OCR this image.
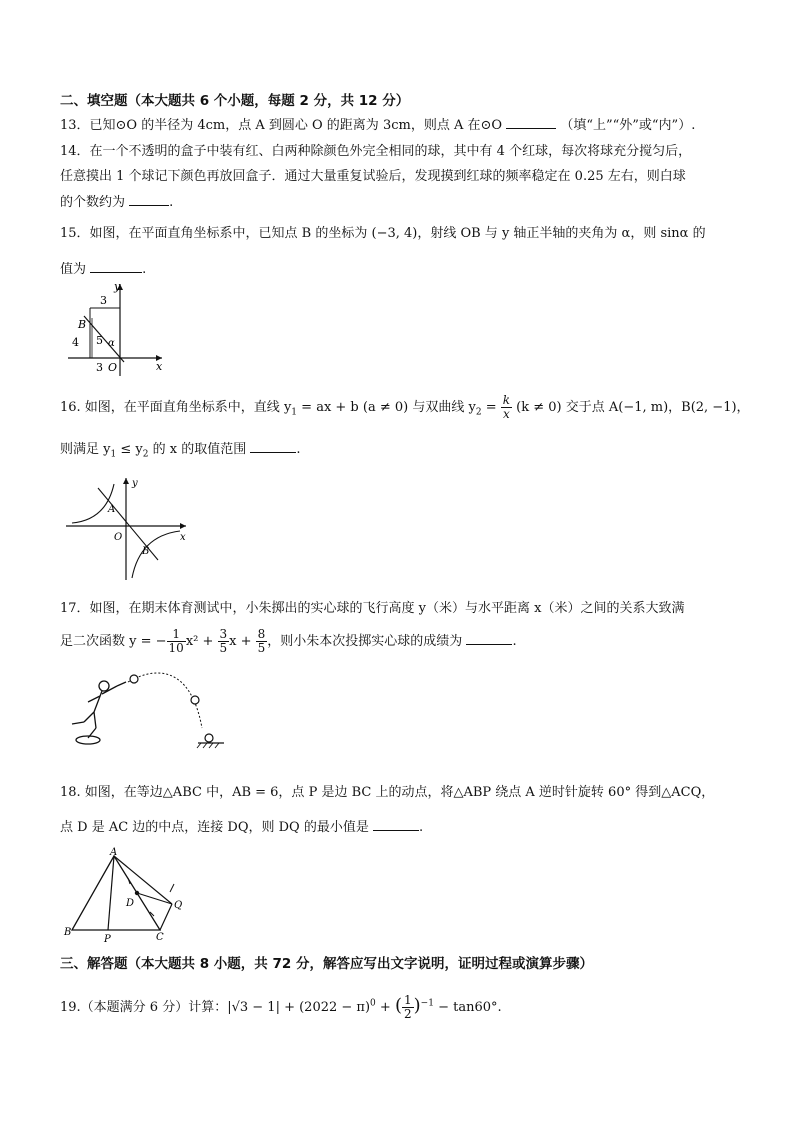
二、填空题（本大题共 6 个小题，每题 2 分，共 12 分）
13．已知⊙O 的半径为 4cm，点 A 到圆心 O 的距离为 3cm，则点 A 在⊙O	（填“上”“外”或“内”）.
14．在一个不透明的盒子中装有红、白两种除颜色外完全相同的球，其中有 4 个红球，每次将球充分搅匀后，
任意摸出 1 个球记下颜色再放回盒子．通过大量重复试验后，发现摸到红球的频率稳定在 0.25 左右，则白球
的个数约为	.
15．如图，在平面直角坐标系中，已知点 B 的坐标为 (−3, 4)，射线 OB 与 y 轴正半轴的夹角为 α，则 sinα 的
值为	.
y
x
3
B
4 5 α
3 O
16. 如图，在平面直角坐标系中，直线 $y_1$ = ax + b (a ≠ 0) 与双曲线 $y_2 = \frac{k}{x} (k \ne 0)$ 交于点 A(−1, m)，B(2, −1)，
则满足 $y_1 \le y_2$ 的 x 的取值范围	.
y
x
A
O
B
17．如图，在期末体育测试中，小朱掷出的实心球的飞行高度 y（米）与水平距离 x（米）之间的关系大致满
足二次函数 y = − $\frac{1}{10} x^2 + \frac{3}{5}$ $x + \frac{8}{5}$ ，则小朱本次投掷实心球的成绩为	.
18. 如图，在等边△ABC 中，AB = 6，点 P 是边 BC 上的动点，将△ABP 绕点 A 逆时针旋转 60° 得到△ACQ，
点 D 是 AC 边的中点，连接 DQ，则 DQ 的最小值是	.
A
B
P	C
D	Q
三、解答题（本大题共 8 小题，共 72 分，解答应写出文字说明，证明过程或演算步骤）
19.（本题满分 6 分）计算：$|√3 - 1| + (2022 - \pi)^0$ + ( $\frac{1}{2} )^{-1} - \tan 60^\circ$.
